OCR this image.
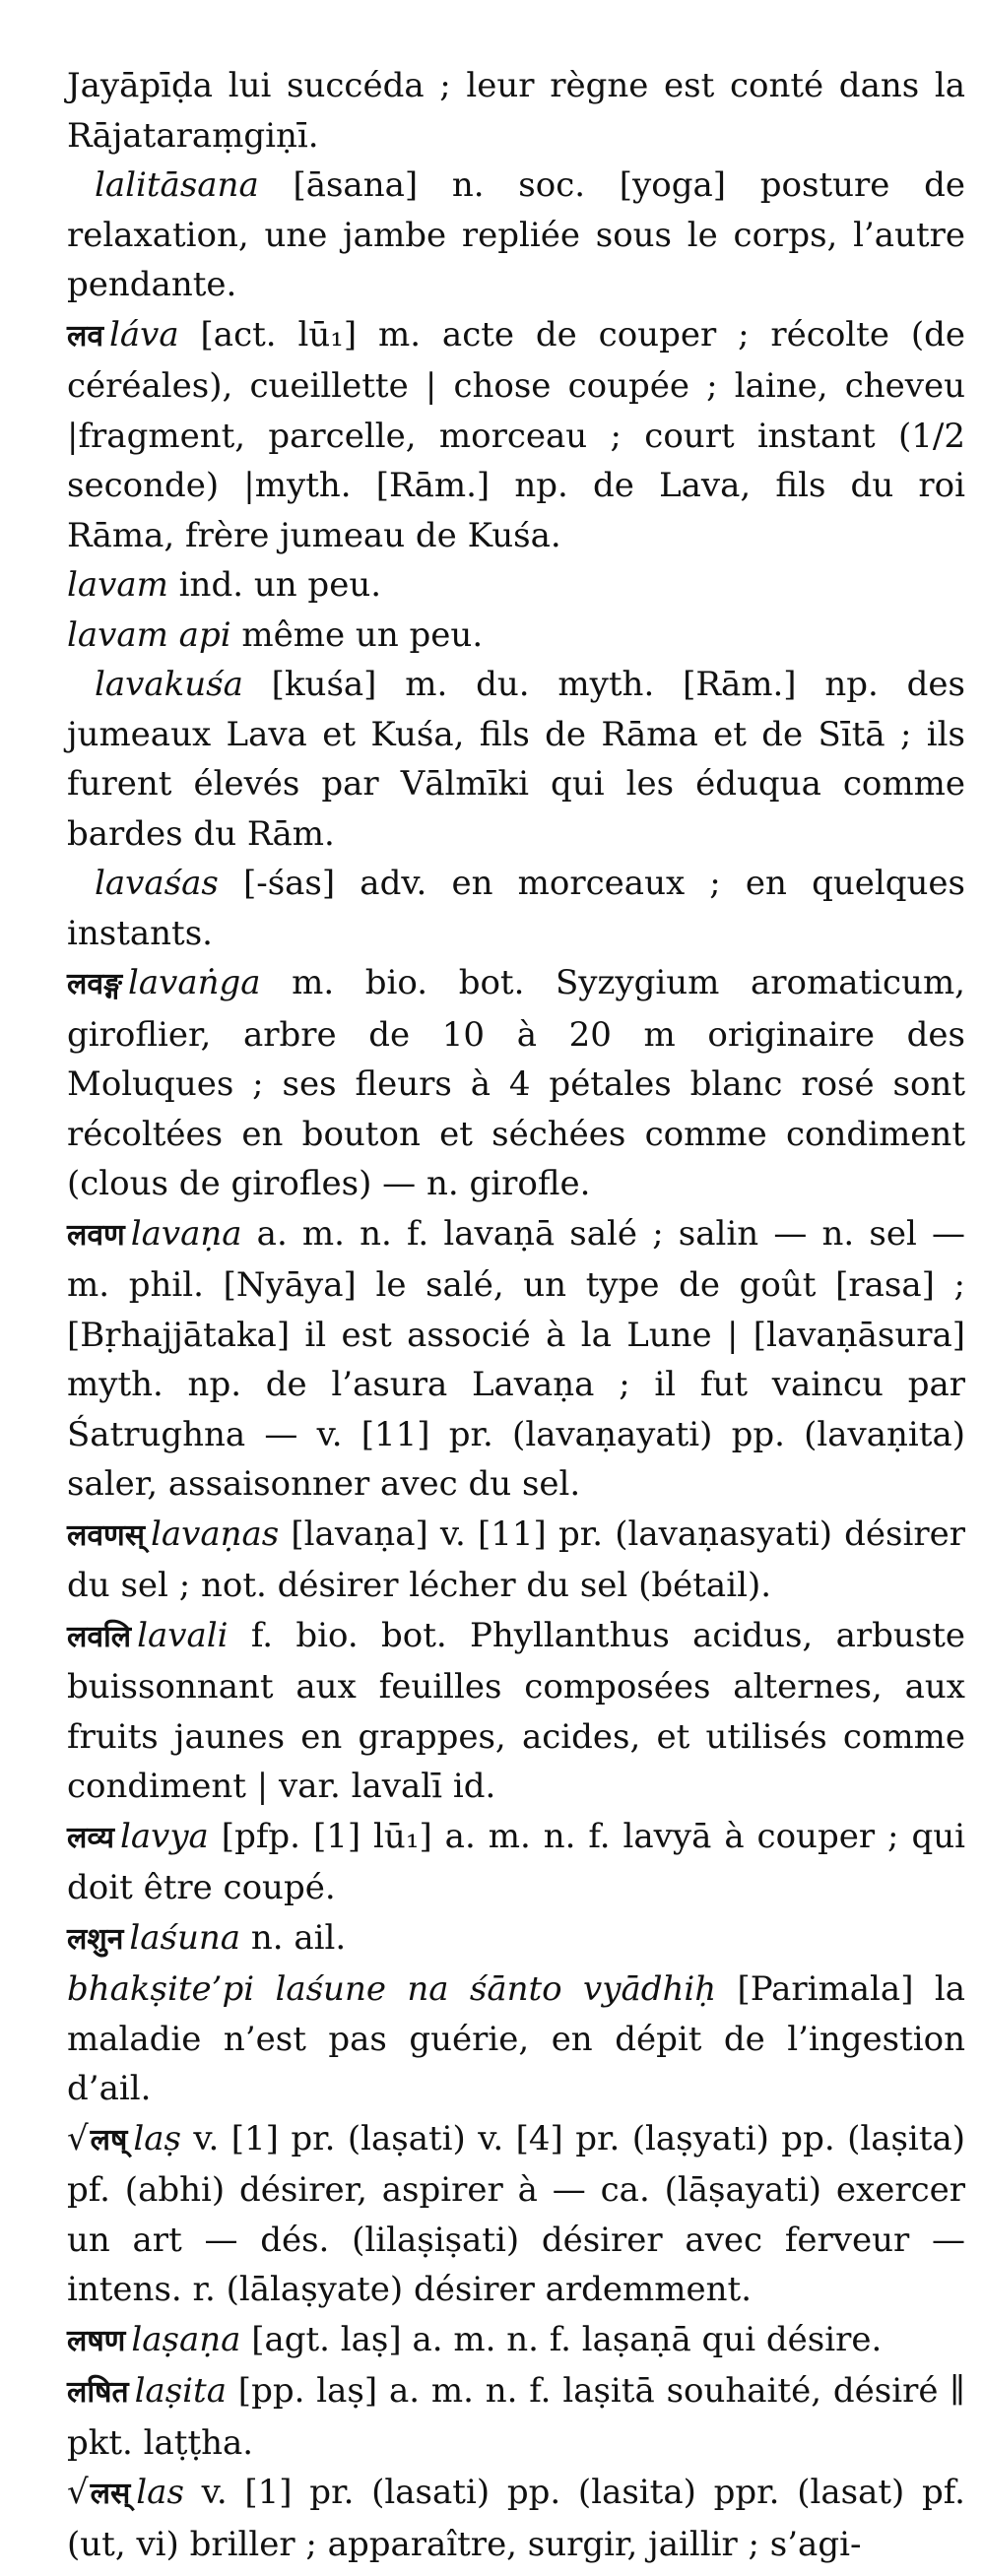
Jayāpīḍa lui succéda ; leur règne est conté dans la Rājataraṃgiṇī.

lalitāsana [āsana] n. soc. [yoga] posture de relaxation, une jambe repliée sous le corps, l’autre pendante.

लव láva [act. lū₁] m. acte de couper ; récolte (de céréales), cueillette | chose coupée ; laine, cheveu |fragment, parcelle, morceau ; court instant (1/2 seconde) |myth. [Rām.] np. de Lava, fils du roi Rāma, frère jumeau de Kuśa.

lavam ind. un peu.

lavam api même un peu.

lavakuśa [kuśa] m. du. myth. [Rām.] np. des jumeaux Lava et Kuśa, fils de Rāma et de Sītā ; ils furent élevés par Vālmīki qui les éduqua comme bardes du Rām.

lavaśas [-śas] adv. en morceaux ; en quelques instants.

लवङ्ग lavaṅga m. bio. bot. Syzygium aromaticum, giroflier, arbre de 10 à 20 m originaire des Moluques ; ses fleurs à 4 pétales blanc rosé sont récoltées en bouton et séchées comme condiment (clous de girofles) — n. girofle.

लवण lavaṇa a. m. n. f. lavaṇā salé ; salin — n. sel — m. phil. [Nyāya] le salé, un type de goût [rasa] ; [Bṛhajjātaka] il est associé à la Lune | [lavaṇāsura] myth. np. de l’asura Lavaṇa ; il fut vaincu par Śatrughna — v. [11] pr. (lavaṇayati) pp. (lavaṇita) saler, assaisonner avec du sel.

लवणस् lavaṇas [lavaṇa] v. [11] pr. (lavaṇasyati) désirer du sel ; not. désirer lécher du sel (bétail).

लवलि lavali f. bio. bot. Phyllanthus acidus, arbuste buissonnant aux feuilles composées alternes, aux fruits jaunes en grappes, acides, et utilisés comme condiment | var. lavalī id.

लव्य lavya [pfp. [1] lū₁] a. m. n. f. lavyā à couper ; qui doit être coupé.

लशुन laśuna n. ail.

bhakṣite’pi laśune na śānto vyādhiḥ [Parimala] la maladie n’est pas guérie, en dépit de l’ingestion d’ail.

√लष् laṣ v. [1] pr. (laṣati) v. [4] pr. (laṣyati) pp. (laṣita) pf. (abhi) désirer, aspirer à — ca. (lāṣayati) exercer un art — dés. (lilaṣiṣati) désirer avec ferveur — intens. r. (lālaṣyate) désirer ardemment.

लषण laṣaṇa [agt. laṣ] a. m. n. f. laṣaṇā qui désire.

लषित laṣita [pp. laṣ] a. m. n. f. laṣitā souhaité, désiré ∥ pkt. laṭṭha.

√लस् las v. [1] pr. (lasati) pp. (lasita) ppr. (lasat) pf. (ut, vi) briller ; apparaître, surgir, jaillir ; s’agi-
